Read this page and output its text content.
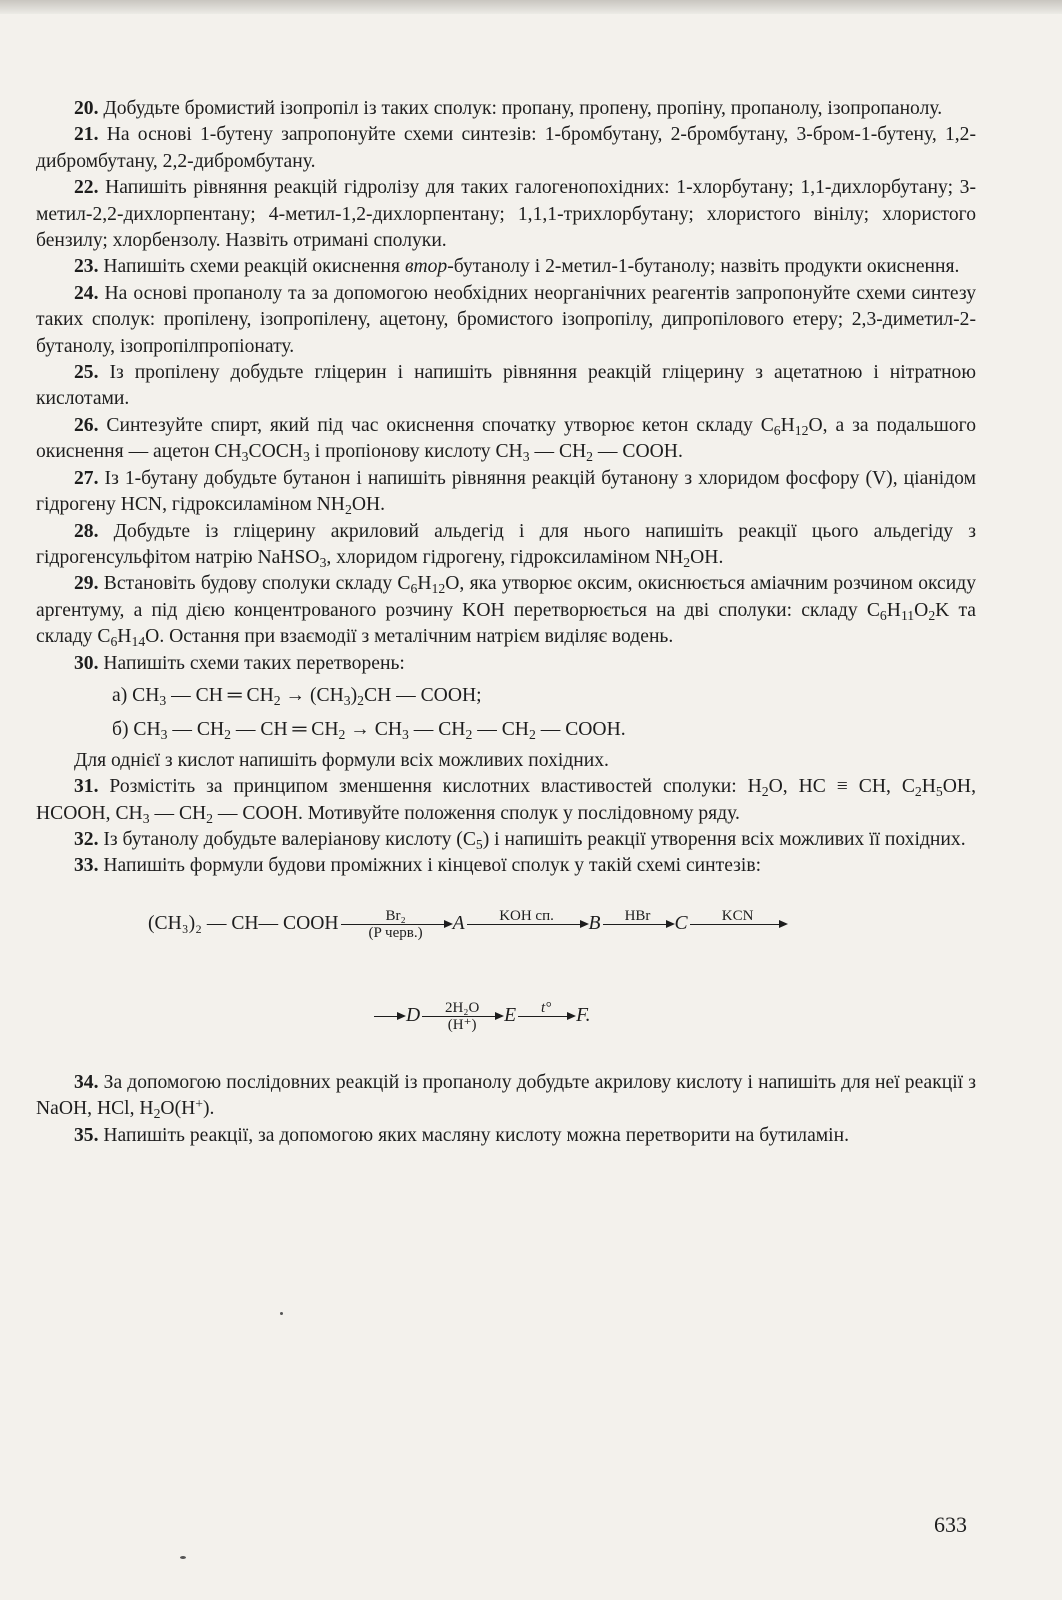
20. Добудьте бромистий ізопропіл із таких сполук: пропану, пропену, пропіну, пропанолу, ізопропанолу.

21. На основі 1-бутену запропонуйте схеми синтезів: 1-бромбутану, 2-бромбутану, 3-бром-1-бутену, 1,2-дибромбутану, 2,2-дибромбутану.

22. Напишіть рівняння реакцій гідролізу для таких галогенопохідних: 1-хлорбутану; 1,1-дихлорбутану; 3-метил-2,2-дихлорпентану; 4-метил-1,2-дихлорпентану; 1,1,1-трихлорбутану; хлористого вінілу; хлористого бензилу; хлорбензолу. Назвіть отримані сполуки.

23. Напишіть схеми реакцій окиснення втор-бутанолу і 2-метил-1-бутанолу; назвіть продукти окиснення.

24. На основі пропанолу та за допомогою необхідних неорганічних реагентів запропонуйте схеми синтезу таких сполук: пропілену, ізопропілену, ацетону, бромистого ізопропілу, дипропілового етеру; 2,3-диметил-2-бутанолу, ізопропілпропіонату.

25. Із пропілену добудьте гліцерин і напишіть рівняння реакцій гліцерину з ацетатною і нітратною кислотами.

26. Синтезуйте спирт, який під час окиснення спочатку утворює кетон складу $C_6H_{12}O$, а за подальшого окиснення — ацетон $CH_3COCH_3$ і пропіонову кислоту $CH_3$ — $CH_2$ — COOH.

27. Із 1-бутану добудьте бутанон і напишіть рівняння реакцій бутанону з хлоридом фосфору (V), ціанідом гідрогену HCN, гідроксиламіном $NH_2OH$.

28. Добудьте із гліцерину акриловий альдегід і для нього напишіть реакції цього альдегіду з гідрогенсульфітом натрію NaHSO$_3$, хлоридом гідрогену, гідроксиламіном $NH_2OH$.

29. Встановіть будову сполуки складу $C_6H_{12}O$, яка утворює оксим, окиснюється аміачним розчином оксиду аргентуму, а під дією концентрованого розчину KOH перетворюється на дві сполуки: складу $C_6H_{11}O_2K$ та складу $C_6H_{14}O$. Остання при взаємодії з металічним натрієм виділяє водень.

30. Напишіть схеми таких перетворень:

а) $CH_3$ — CH ═ $CH_2 \to (CH_3)_2CH$ — COOH;

б) $CH_3$ — $CH_2$ — CH ═ $CH_2 \to CH_3$ — $CH_2$ — $CH_2$ — COOH.

Для однієї з кислот напишіть формули всіх можливих похідних.

31. Розмістіть за принципом зменшення кислотних властивостей сполуки: $H_2O$, HC ≡ CH, $C_2H_5OH$, HCOOH, $CH_3$ — $CH_2$ — COOH. Мотивуйте положення сполук у послідовному ряду.

32. Із бутанолу добудьте валеріанову кислоту $(C_5)$ і напишіть реакції утворення всіх можливих її похідних.

33. Напишіть формули будови проміжних і кінцевої сполук у такій схемі синтезів:

(CH₃)₂ — CH— COOH	Br₂
(P черв.)	A	KOH сп.	B	HBr	C	KCN
→ D	2H₂O
(H⁺)	E	t°	F.

34. За допомогою послідовних реакцій із пропанолу добудьте акрилову кислоту і напишіть для неї реакції з NaOH, HCl, $H_2O(H^+)$.

35. Напишіть реакції, за допомогою яких масляну кислоту можна перетворити на бутиламін.

633
